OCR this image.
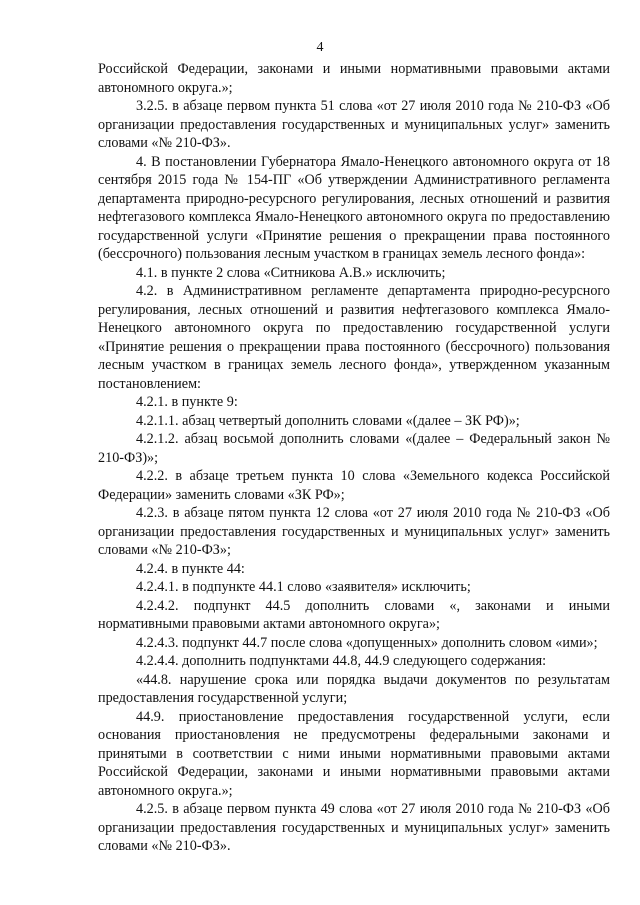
4

Российской Федерации, законами и иными нормативными правовыми актами автономного округа.»;

3.2.5. в абзаце первом пункта 51 слова «от 27 июля 2010 года № 210-ФЗ «Об организации предоставления государственных и муниципальных услуг» заменить словами «№ 210-ФЗ».

4. В постановлении Губернатора Ямало-Ненецкого автономного округа от 18 сентября 2015 года № 154-ПГ «Об утверждении Административного регламента департамента природно-ресурсного регулирования, лесных отношений и развития нефтегазового комплекса Ямало-Ненецкого автономного округа по предоставлению государственной услуги «Принятие решения о прекращении права постоянного (бессрочного) пользования лесным участком в границах земель лесного фонда»:

4.1. в пункте 2 слова «Ситникова А.В.» исключить;

4.2. в Административном регламенте департамента природно-ресурсного регулирования, лесных отношений и развития нефтегазового комплекса Ямало-Ненецкого автономного округа по предоставлению государственной услуги «Принятие решения о прекращении права постоянного (бессрочного) пользования лесным участком в границах земель лесного фонда», утвержденном указанным постановлением:

4.2.1. в пункте 9:

4.2.1.1. абзац четвертый дополнить словами «(далее – ЗК РФ)»;

4.2.1.2. абзац восьмой дополнить словами «(далее – Федеральный закон № 210-ФЗ)»;

4.2.2. в абзаце третьем пункта 10 слова «Земельного кодекса Российской Федерации» заменить словами «ЗК РФ»;

4.2.3. в абзаце пятом пункта 12 слова «от 27 июля 2010 года № 210-ФЗ «Об организации предоставления государственных и муниципальных услуг» заменить словами «№ 210-ФЗ»;

4.2.4. в пункте 44:

4.2.4.1. в подпункте 44.1 слово «заявителя» исключить;

4.2.4.2. подпункт 44.5 дополнить словами «, законами и иными нормативными правовыми актами автономного округа»;

4.2.4.3. подпункт 44.7 после слова «допущенных» дополнить словом «ими»;

4.2.4.4. дополнить подпунктами 44.8, 44.9 следующего содержания:

«44.8. нарушение срока или порядка выдачи документов по результатам предоставления государственной услуги;

44.9. приостановление предоставления государственной услуги, если основания приостановления не предусмотрены федеральными законами и принятыми в соответствии с ними иными нормативными правовыми актами Российской Федерации, законами и иными нормативными правовыми актами автономного округа.»;

4.2.5. в абзаце первом пункта 49 слова «от 27 июля 2010 года № 210-ФЗ «Об организации предоставления государственных и муниципальных услуг» заменить словами «№ 210-ФЗ».
